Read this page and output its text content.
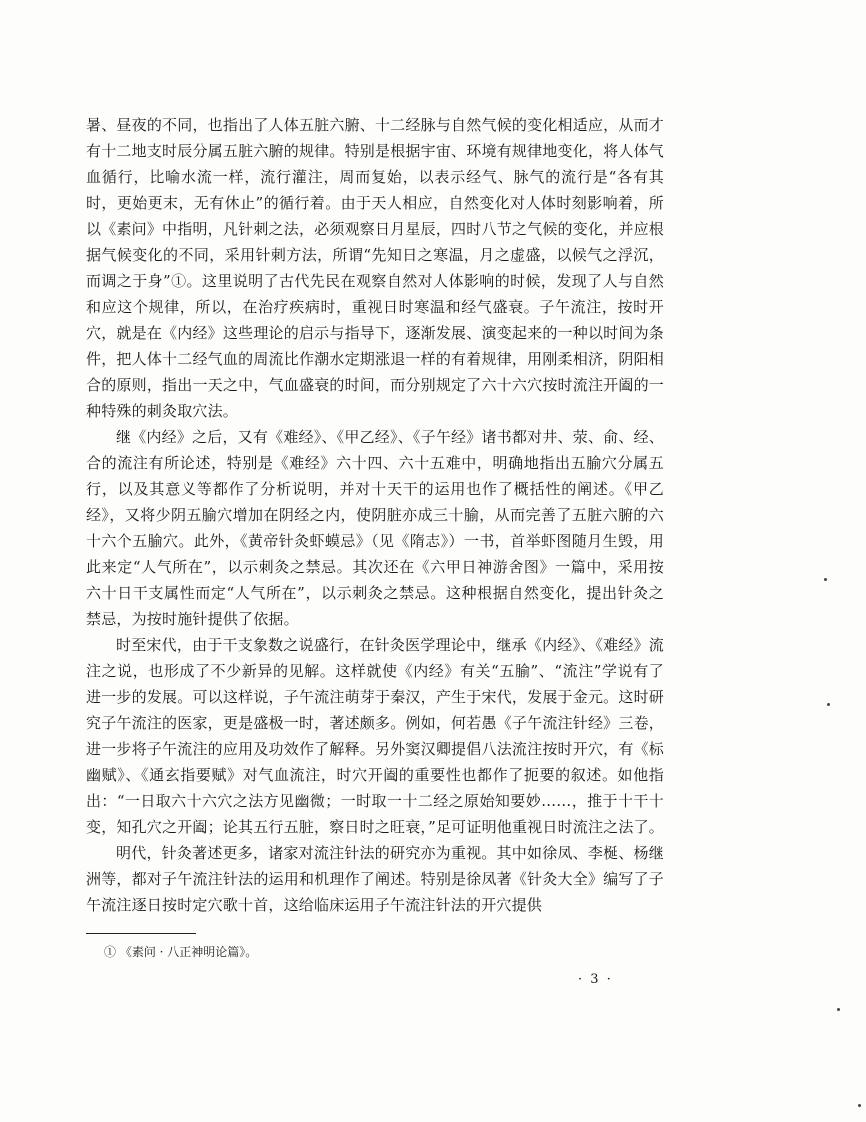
暑、昼夜的不同，也指出了人体五脏六腑、十二经脉与自然气候的变化相适应，从而才有十二地支时辰分属五脏六腑的规律。特别是根据宇宙、环境有规律地变化，将人体气血循行，比喻水流一样，流行灌注，周而复始，以表示经气、脉气的流行是“各有其时，更始更末，无有休止”的循行着。由于天人相应，自然变化对人体时刻影响着，所以《素问》中指明，凡针刺之法，必须观察日月星辰，四时八节之气候的变化，并应根据气候变化的不同，采用针刺方法，所谓“先知日之寒温，月之虚盛，以候气之浮沉，而调之于身”①。这里说明了古代先民在观察自然对人体影响的时候，发现了人与自然和应这个规律，所以，在治疗疾病时，重视日时寒温和经气盛衰。子午流注，按时开穴，就是在《内经》这些理论的启示与指导下，逐渐发展、演变起来的一种以时间为条件，把人体十二经气血的周流比作潮水定期涨退一样的有着规律，用刚柔相济，阴阳相合的原则，指出一天之中，气血盛衰的时间，而分别规定了六十六穴按时流注开阖的一种特殊的刺灸取穴法。

继《内经》之后，又有《难经》、《甲乙经》、《子午经》诸书都对井、荥、俞、经、合的流注有所论述，特别是《难经》六十四、六十五难中，明确地指出五腧穴分属五行，以及其意义等都作了分析说明，并对十天干的运用也作了概括性的阐述。《甲乙经》，又将少阴五腧穴增加在阴经之内，使阴脏亦成三十腧，从而完善了五脏六腑的六十六个五腧穴。此外，《黄帝针灸虾蟆忌》（见《隋志》）一书，首举虾图随月生毁，用此来定“人气所在”，以示刺灸之禁忌。其次还在《六甲日神游舍图》一篇中，采用按六十日干支属性而定“人气所在”，以示刺灸之禁忌。这种根据自然变化，提出针灸之禁忌，为按时施针提供了依据。

时至宋代，由于干支象数之说盛行，在针灸医学理论中，继承《内经》、《难经》流注之说，也形成了不少新异的见解。这样就使《内经》有关“五腧”、“流注”学说有了进一步的发展。可以这样说，子午流注萌芽于秦汉，产生于宋代，发展于金元。这时研究子午流注的医家，更是盛极一时，著述颇多。例如，何若愚《子午流注针经》三卷，进一步将子午流注的应用及功效作了解释。另外窦汉卿提倡八法流注按时开穴，有《标幽赋》、《通玄指要赋》对气血流注，时穴开阖的重要性也都作了扼要的叙述。如他指出：“一日取六十六穴之法方见幽微；一时取一十二经之原始知要妙……，推于十干十变，知孔穴之开阖；论其五行五脏，察日时之旺衰，”足可证明他重视日时流注之法了。

明代，针灸著述更多，诸家对流注针法的研究亦为重视。其中如徐凤、李梴、杨继洲等，都对子午流注针法的运用和机理作了阐述。特别是徐凤著《针灸大全》编写了子午流注逐日按时定穴歌十首，这给临床运用子午流注针法的开穴提供

① 《素问 · 八正神明论篇》。
· 3 ·
